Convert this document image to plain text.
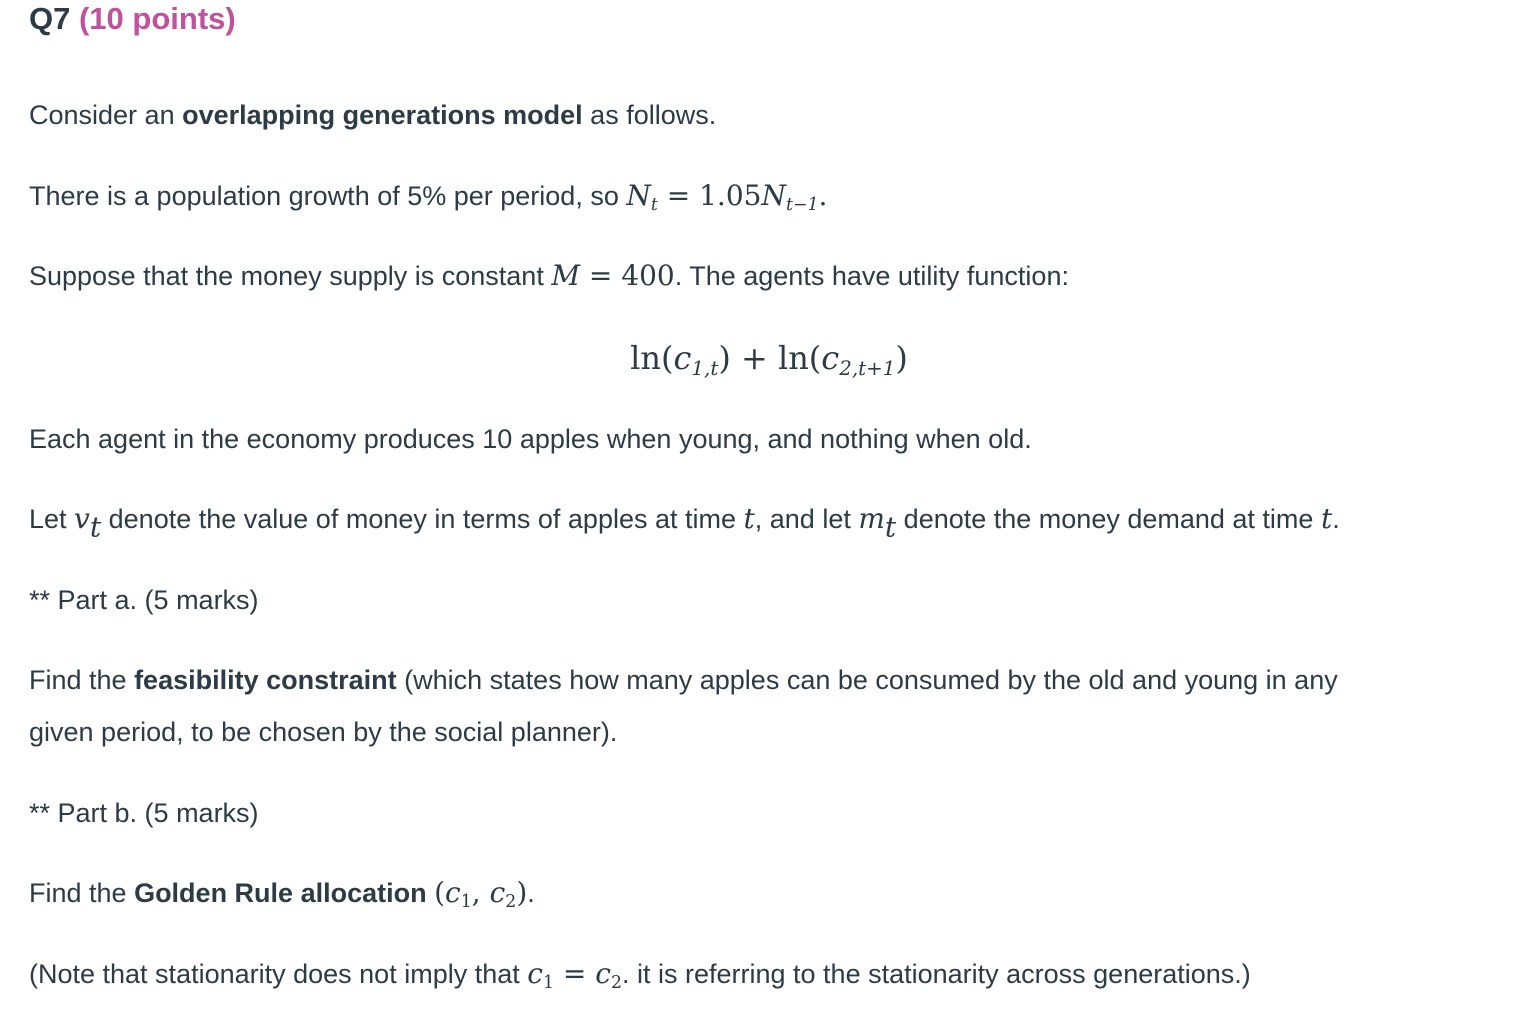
Q7 (10 points)
Consider an overlapping generations model as follows.
There is a population growth of 5% per period, so $N_t = 1.05N_{t-1}$.
Suppose that the money supply is constant M = 400. The agents have utility function:
$\ln(c_{1,t}) + \ln(c_{2,t+1})$
Each agent in the economy produces 10 apples when young, and nothing when old.
Let $v_t$ denote the value of money in terms of apples at time t, and let $m_t$ denote the money demand at time t.
** Part a. (5 marks)
Find the feasibility constraint (which states how many apples can be consumed by the old and young in any
given period, to be chosen by the social planner).
** Part b. (5 marks)
Find the Golden Rule allocation ($c_1$, $c_2$).
(Note that stationarity does not imply that $c_1 = c_2$. it is referring to the stationarity across generations.)
